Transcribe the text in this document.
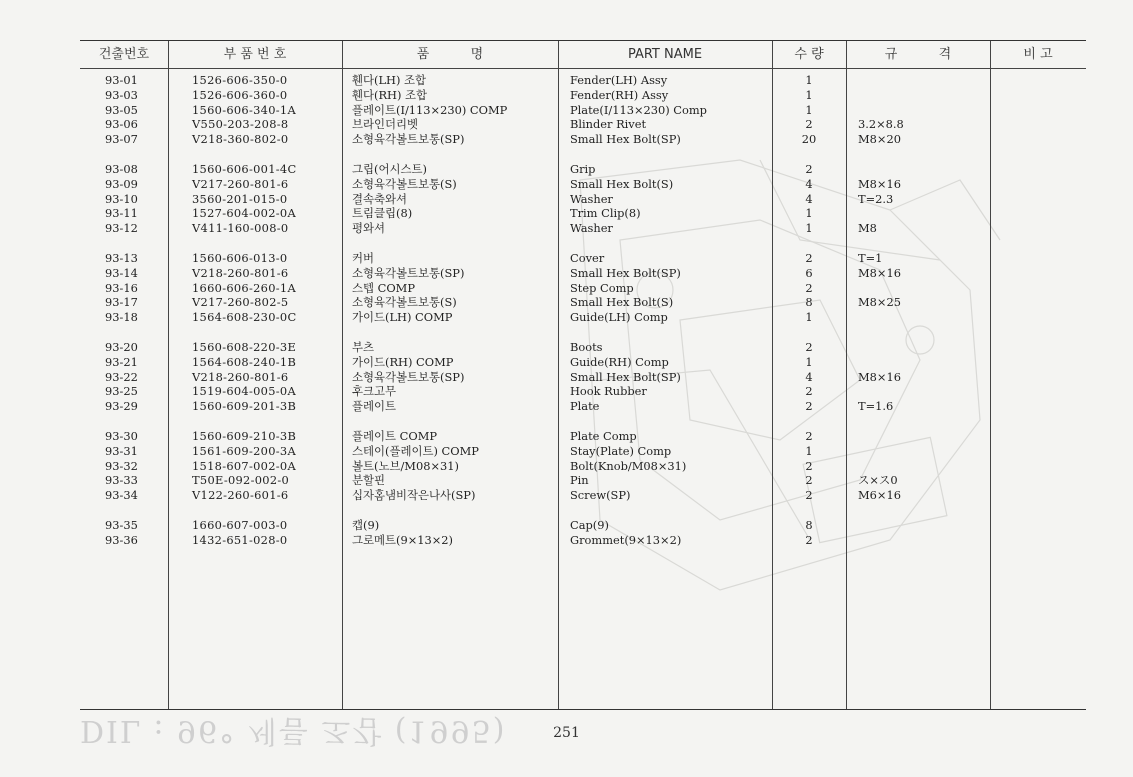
DIL : 96° 세름 조감 (1995)
건출번호	부 품 번 호	품          명	PART NAME	수 량	규          격	비 고
93-01	1526-606-350-0	휀다(LH) 조합	Fender(LH) Assy	1
93-03	1526-606-360-0	휀다(RH) 조합	Fender(RH) Assy	1
93-05	1560-606-340-1A	플레이트(I/113×230) COMP	Plate(I/113×230) Comp	1
93-06	V550-203-208-8	브라인더리벳	Blinder Rivet	2	3.2×8.8
93-07	V218-360-802-0	소형육각볼트보통(SP)	Small Hex Bolt(SP)	20	M8×20
93-08	1560-606-001-4C	그립(어시스트)	Grip	2
93-09	V217-260-801-6	소형육각볼트보통(S)	Small Hex Bolt(S)	4	M8×16
93-10	3560-201-015-0	결속축와셔	Washer	4	T=2.3
93-11	1527-604-002-0A	트림클립(8)	Trim Clip(8)	1
93-12	V411-160-008-0	평와셔	Washer	1	M8
93-13	1560-606-013-0	커버	Cover	2	T=1
93-14	V218-260-801-6	소형육각볼트보통(SP)	Small Hex Bolt(SP)	6	M8×16
93-16	1660-606-260-1A	스텝 COMP	Step Comp	2
93-17	V217-260-802-5	소형육각볼트보통(S)	Small Hex Bolt(S)	8	M8×25
93-18	1564-608-230-0C	가이드(LH) COMP	Guide(LH) Comp	1
93-20	1560-608-220-3E	부츠	Boots	2
93-21	1564-608-240-1B	가이드(RH) COMP	Guide(RH) Comp	1
93-22	V218-260-801-6	소형육각볼트보통(SP)	Small Hex Bolt(SP)	4	M8×16
93-25	1519-604-005-0A	후크고무	Hook Rubber	2
93-29	1560-609-201-3B	플레이트	Plate	2	T=1.6
93-30	1560-609-210-3B	플레이트 COMP	Plate Comp	2
93-31	1561-609-200-3A	스테이(플레이트) COMP	Stay(Plate) Comp	1
93-32	1518-607-002-0A	볼트(노브/M08×31)	Bolt(Knob/M08×31)	2
93-33	T50E-092-002-0	분할핀	Pin	2	ス×ス0
93-34	V122-260-601-6	십자홈냄비작은나사(SP)	Screw(SP)	2	M6×16
93-35	1660-607-003-0	캡(9)	Cap(9)	8
93-36	1432-651-028-0	그로메트(9×13×2)	Grommet(9×13×2)	2
251
